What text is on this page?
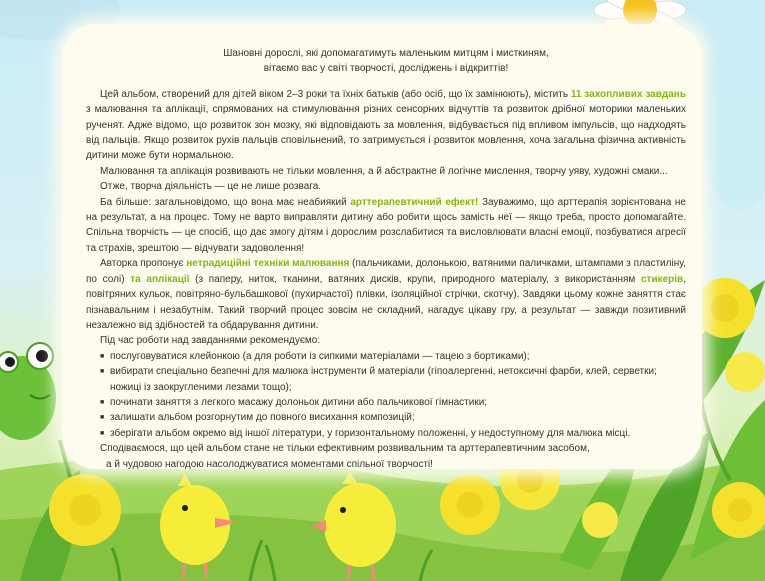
Шановні дорослі, які допомагатимуть маленьким митцям і мисткиням,
вітаємо вас у світі творчості, досліджень і відкриттів!

Цей альбом, створений для дітей віком 2–3 роки та їхніх батьків (або осіб, що їх замінюють), містить 11 захопливих завдань з малювання та аплікації, спрямованих на стимулювання різних сенсорних відчуттів та розвиток дрібної моторики маленьких рученят. Адже відомо, що розвиток зон мозку, які відповідають за мовлення, відбувається під впливом імпульсів, що надходять від пальців. Якщо розвиток рухів пальців сповільнений, то затримується і розвиток мовлення, хоча загальна фізична активність дитини може бути нормальною.

Малювання та аплікація розвивають не тільки мовлення, а й абстрактне й логічне мислення, творчу уяву, художні смаки...

Отже, творча діяльність — це не лише розвага.

Ба більше: загальновідомо, що вона має неабиякий арттерапевтичний ефект! Зауважимо, що арттерапія зорієнтована не на результат, а на процес. Тому не варто виправляти дитину або робити щось замість неї — якщо треба, просто допомагайте. Спільна творчість — це спосіб, що дає змогу дітям і дорослим розслабитися та висловлювати власні емоції, позбуватися агресії та страхів, зрештою — відчувати задоволення!

Авторка пропонує нетрадиційні техніки малювання (пальчиками, долонькою, ватяними паличками, штампами з пластиліну, по солі) та аплікації (з паперу, ниток, тканини, ватяних дисків, крупи, природного матеріалу, з використанням стикерів, повітряних кульок, повітряно-бульбашкової (пухирчастої) плівки, ізоляційної стрічки, скотчу). Завдяки цьому кожне заняття стає пізнавальним і незабутнім. Такий творчий процес зовсім не складний, нагадує цікаву гру, а результат — завжди позитивний незалежно від здібностей та обдарування дитини.

Під час роботи над завданнями рекомендуємо:

■ послуговуватися клейонкою (а для роботи із сипкими матеріалами — тацею з бортиками);
■ вибирати спеціально безпечні для малюка інструменти й матеріали (гіпоалергенні, нетоксичні фарби, клей, серветки; ножиці із заокругленими лезами тощо);
■ починати заняття з легкого масажу долоньок дитини або пальчикової гімнастики;
■ залишати альбом розгорнутим до повного висихання композицій;
■ зберігати альбом окремо від іншої літератури, у горизонтальному положенні, у недоступному для малюка місці.

Сподіваємося, що цей альбом стане не тільки ефективним розвивальним та арттерапевтичним засобом,

а й чудовою нагодою насолоджуватися моментами спільної творчості!
